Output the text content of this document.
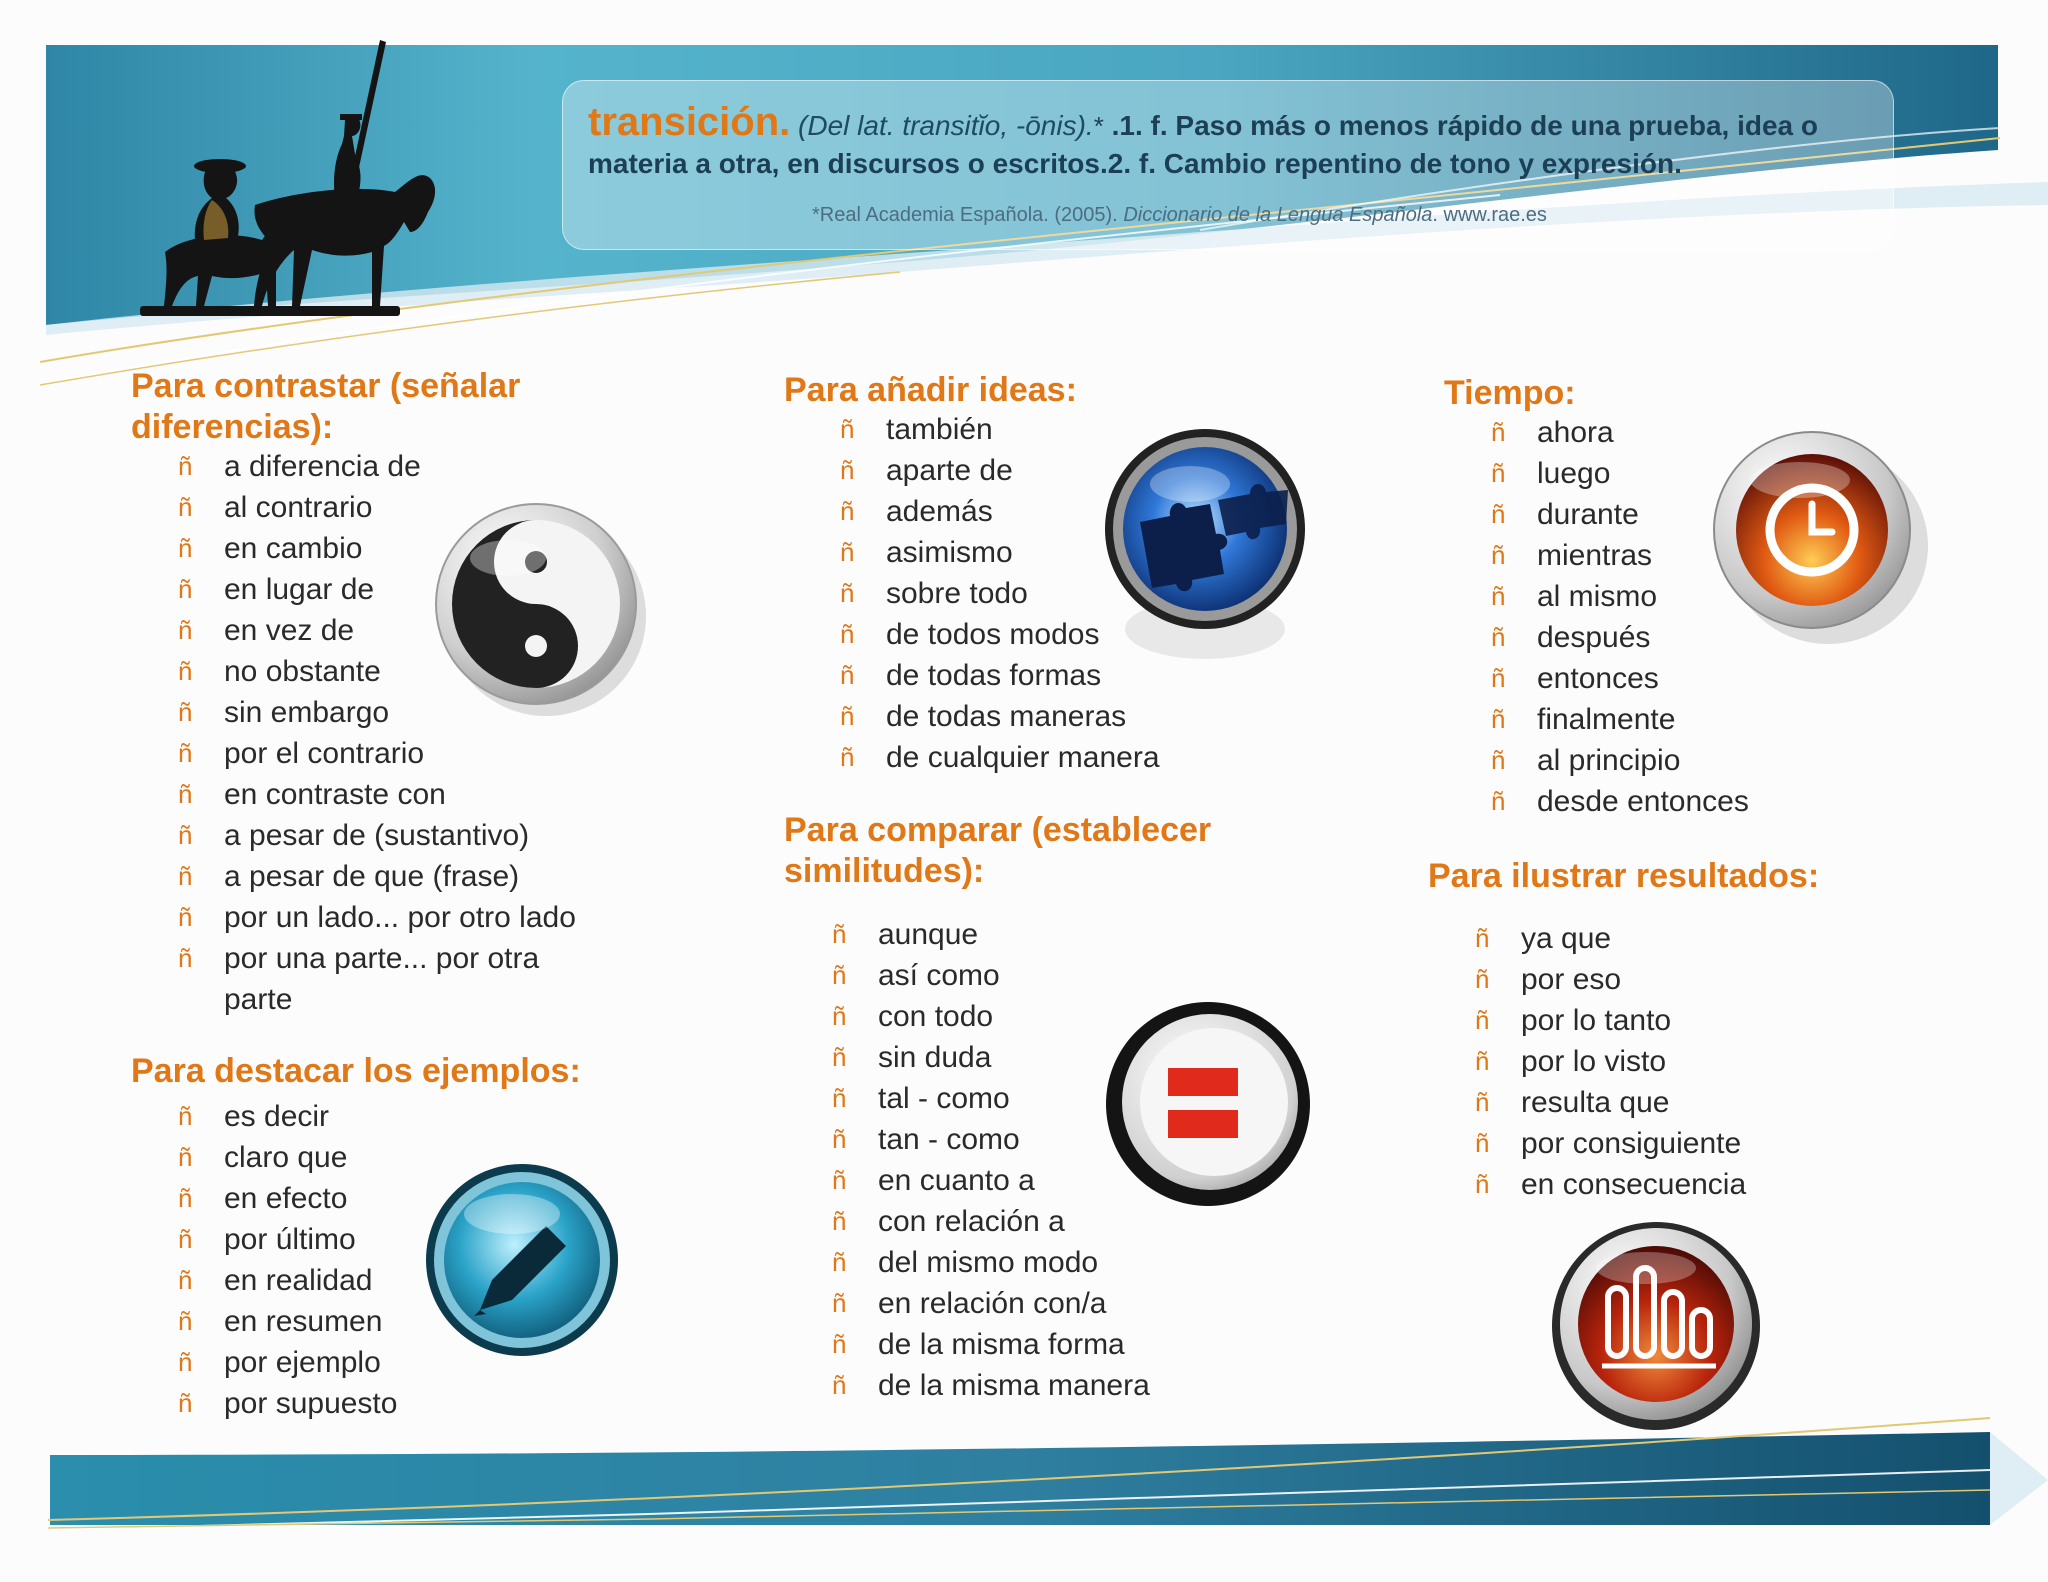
transición. (Del lat. transitĭo, -ōnis).* .1. f. Paso más o menos rápido de una prueba, idea o
materia a otra, en discursos o escritos.2. f. Cambio repentino de tono y expresión.
*Real Academia Española. (2005). Diccionario de la Lengua Española. www.rae.es
Para contrastar (señalar diferencias):
ñ a diferencia de
ñ al contrario
ñ en cambio
ñ en lugar de
ñ en vez de
ñ no obstante
ñ sin embargo
ñ por el contrario
ñ en contraste con
ñ a pesar de (sustantivo)
ñ a pesar de que (frase)
ñ por un lado... por otro lado
ñ por una parte... por otra parte
Para destacar los ejemplos:
ñ es decir
ñ claro que
ñ en efecto
ñ por último
ñ en realidad
ñ en resumen
ñ por ejemplo
ñ por supuesto
Para añadir ideas:
ñ también
ñ aparte de
ñ además
ñ asimismo
ñ sobre todo
ñ de todos modos
ñ de todas formas
ñ de todas maneras
ñ de cualquier manera
Para comparar (establecer similitudes):
ñ aunque
ñ así como
ñ con todo
ñ sin duda
ñ tal - como
ñ tan - como
ñ en cuanto a
ñ con relación a
ñ del mismo modo
ñ en relación con/a
ñ de la misma forma
ñ de la misma manera
Tiempo:
ñ ahora
ñ luego
ñ durante
ñ mientras
ñ al mismo
ñ después
ñ entonces
ñ finalmente
ñ al principio
ñ desde entonces
Para ilustrar resultados:
ñ ya que
ñ por eso
ñ por lo tanto
ñ por lo visto
ñ resulta que
ñ por consiguiente
ñ en consecuencia
